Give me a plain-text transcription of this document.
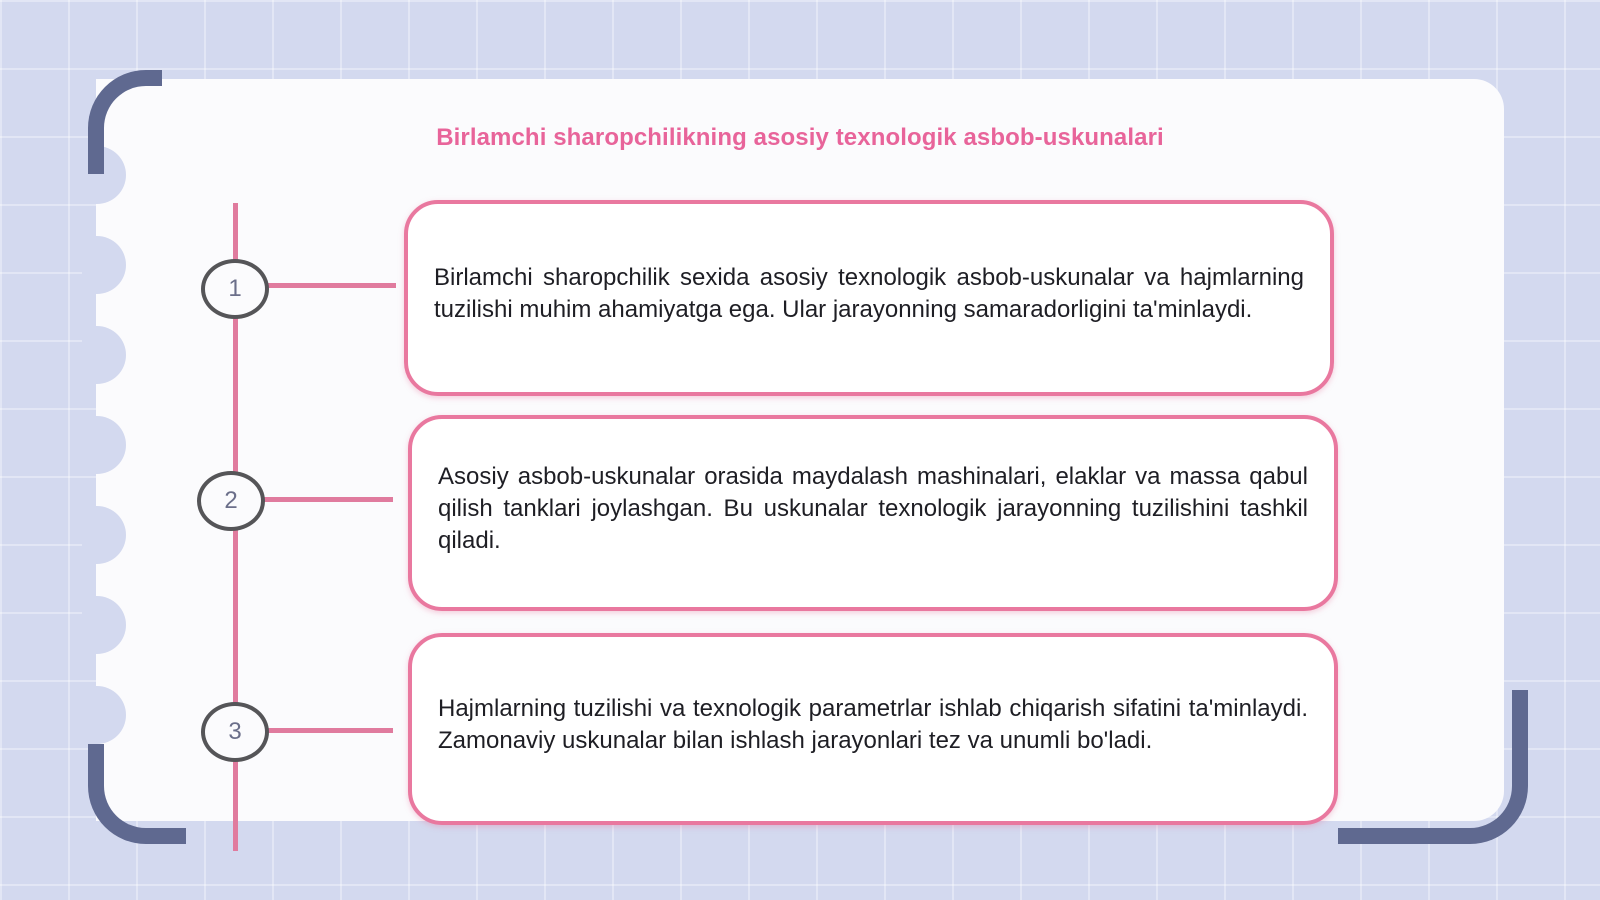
Birlamchi sharopchilikning asosiy texnologik asbob-uskunalari
1
2
3

Birlamchi sharopchilik sexida asosiy texnologik asbob-uskunalar va hajmlarning tuzilishi muhim ahamiyatga ega. Ular jarayonning samaradorligini ta'minlaydi.

Asosiy asbob-uskunalar orasida maydalash mashinalari, elaklar va massa qabul qilish tanklari joylashgan. Bu uskunalar texnologik jarayonning tuzilishini tashkil qiladi.

Hajmlarning tuzilishi va texnologik parametrlar ishlab chiqarish sifatini ta'minlaydi. Zamonaviy uskunalar bilan ishlash jarayonlari tez va unumli bo'ladi.
